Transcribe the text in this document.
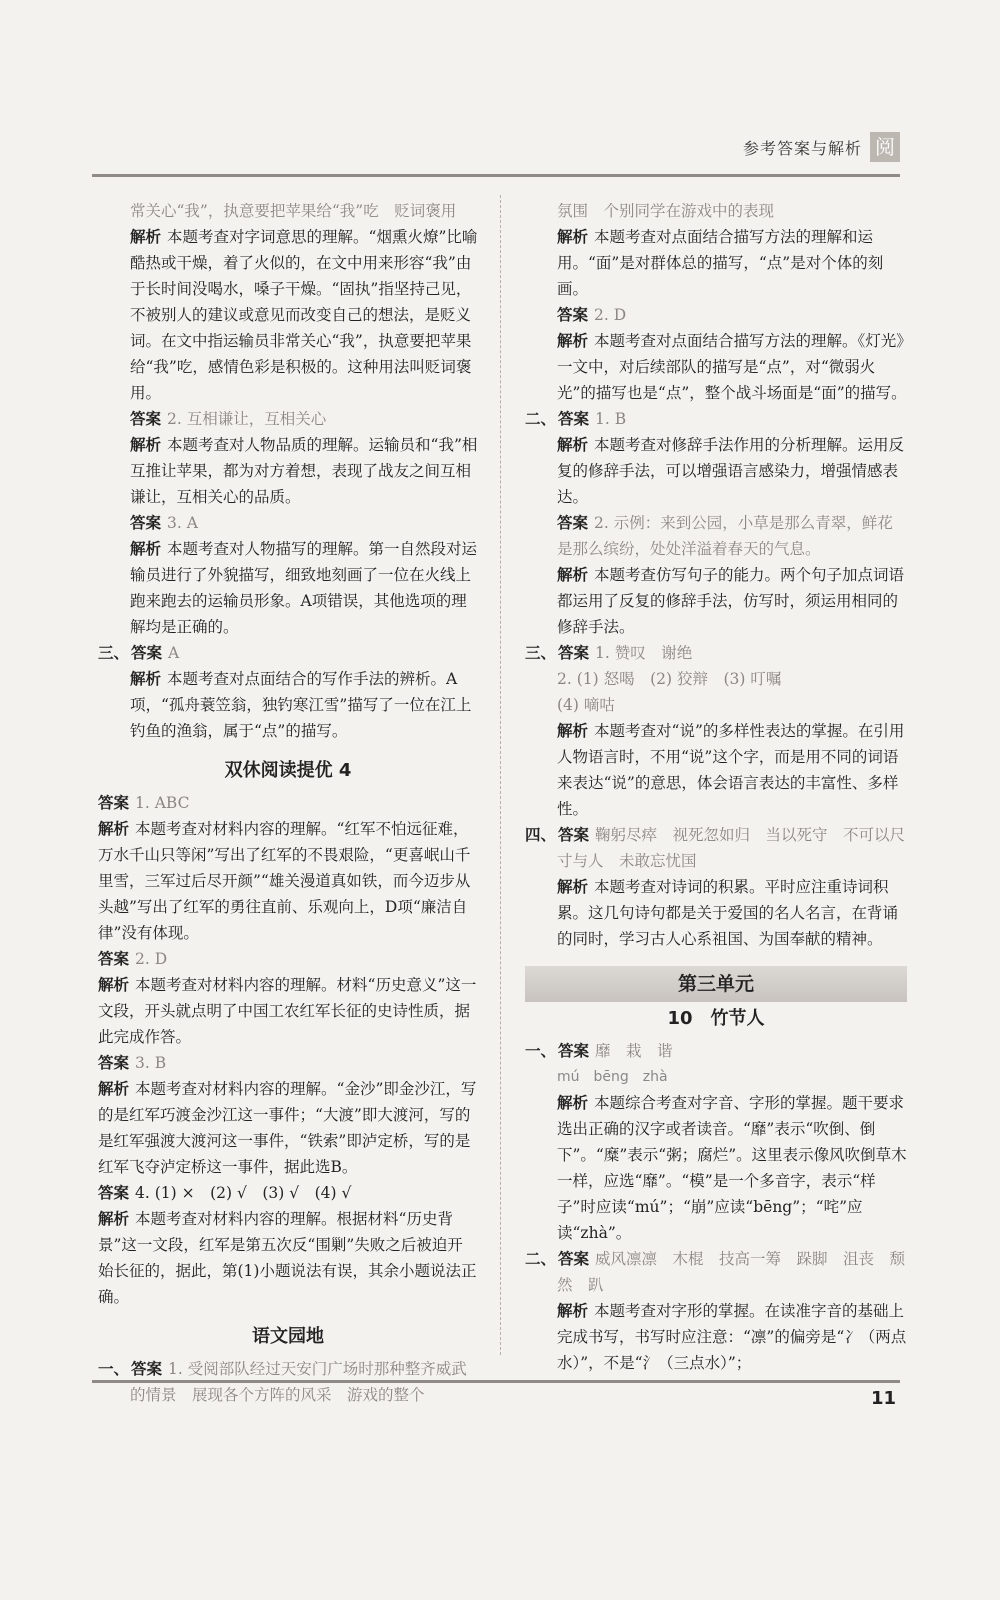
参考答案与解析 阅

常关心“我”，执意要把苹果给“我”吃　贬词褒用

解析 本题考查对字词意思的理解。“烟熏火燎”比喻酷热或干燥，着了火似的，在文中用来形容“我”由于长时间没喝水，嗓子干燥。“固执”指坚持己见，不被别人的建议或意见而改变自己的想法，是贬义词。在文中指运输员非常关心“我”，执意要把苹果给“我”吃，感情色彩是积极的。这种用法叫贬词褒用。

答案 2. 互相谦让，互相关心

解析 本题考查对人物品质的理解。运输员和“我”相互推让苹果，都为对方着想，表现了战友之间互相谦让，互相关心的品质。

答案 3. A

解析 本题考查对人物描写的理解。第一自然段对运输员进行了外貌描写，细致地刻画了一位在火线上跑来跑去的运输员形象。A项错误，其他选项的理解均是正确的。

三、 答案 A

解析 本题考查对点面结合的写作手法的辨析。A项，“孤舟蓑笠翁，独钓寒江雪”描写了一位在江上钓鱼的渔翁，属于“点”的描写。

双休阅读提优 4

答案 1. ABC

解析 本题考查对材料内容的理解。“红军不怕远征难，万水千山只等闲”写出了红军的不畏艰险，“更喜岷山千里雪，三军过后尽开颜”“雄关漫道真如铁，而今迈步从头越”写出了红军的勇往直前、乐观向上，D项“廉洁自律”没有体现。

答案 2. D

解析 本题考查对材料内容的理解。材料“历史意义”这一文段，开头就点明了中国工农红军长征的史诗性质，据此完成作答。

答案 3. B

解析 本题考查对材料内容的理解。“金沙”即金沙江，写的是红军巧渡金沙江这一事件；“大渡”即大渡河，写的是红军强渡大渡河这一事件，“铁索”即泸定桥，写的是红军飞夺泸定桥这一事件，据此选B。

答案 4. (1) ×　(2) √　(3) √　(4) √

解析 本题考查对材料内容的理解。根据材料“历史背景”这一文段，红军是第五次反“围剿”失败之后被迫开始长征的，据此，第(1)小题说法有误，其余小题说法正确。

语文园地

一、 答案 1. 受阅部队经过天安门广场时那种整齐威武的情景　展现各个方阵的风采　游戏的整个

氛围　个别同学在游戏中的表现

解析 本题考查对点面结合描写方法的理解和运用。“面”是对群体总的描写，“点”是对个体的刻画。

答案 2. D

解析 本题考查对点面结合描写方法的理解。《灯光》一文中，对后续部队的描写是“点”，对“微弱火光”的描写也是“点”，整个战斗场面是“面”的描写。

二、 答案 1. B

解析 本题考查对修辞手法作用的分析理解。运用反复的修辞手法，可以增强语言感染力，增强情感表达。

答案 2. 示例：来到公园，小草是那么青翠，鲜花是那么缤纷，处处洋溢着春天的气息。

解析 本题考查仿写句子的能力。两个句子加点词语都运用了反复的修辞手法，仿写时，须运用相同的修辞手法。

三、 答案 1. 赞叹　谢绝

2. (1) 怒喝　(2) 狡辩　(3) 叮嘱

(4) 嘀咕

解析 本题考查对“说”的多样性表达的掌握。在引用人物语言时，不用“说”这个字，而是用不同的词语来表达“说”的意思，体会语言表达的丰富性、多样性。

四、 答案 鞠躬尽瘁　视死忽如归　当以死守　不可以尺寸与人　未敢忘忧国

解析 本题考查对诗词的积累。平时应注重诗词积累。这几句诗句都是关于爱国的名人名言，在背诵的同时，学习古人心系祖国、为国奉献的精神。

第三单元
10　竹节人

一、 答案 靡　栽　谐

mú　bēng　zhà

解析 本题综合考查对字音、字形的掌握。题干要求选出正确的汉字或者读音。“靡”表示“吹倒、倒下”。“糜”表示“粥；腐烂”。这里表示像风吹倒草木一样，应选“靡”。“模”是一个多音字，表示“样子”时应读“mú”；“崩”应读“bēng”；“咤”应读“zhà”。

二、 答案 威风凛凛　木棍　技高一筹　跺脚　沮丧　颓然　趴

解析 本题考查对字形的掌握。在读准字音的基础上完成书写，书写时应注意：“凛”的偏旁是“冫（两点水）”，不是“氵（三点水）”；

11
